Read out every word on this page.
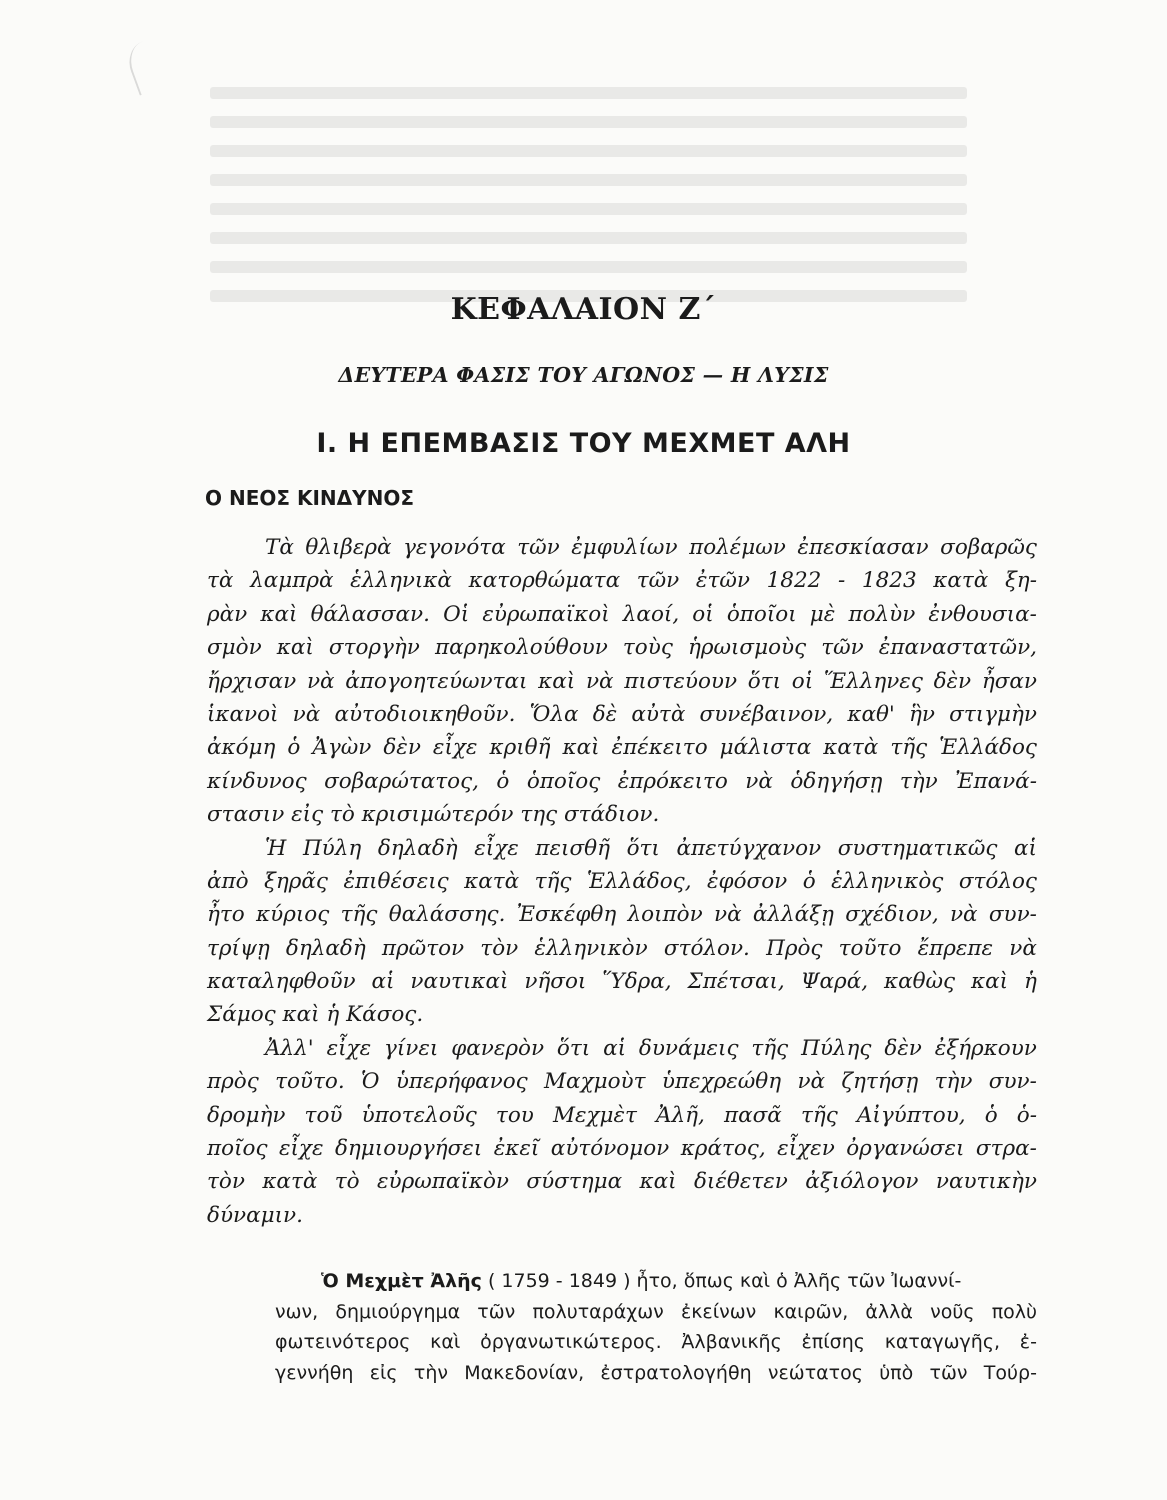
ΚΕΦΑΛΑΙΟΝ Ζ΄
ΔΕΥΤΕΡΑ ΦΑΣΙΣ ΤΟΥ ΑΓΩΝΟΣ — Η ΛΥΣΙΣ
Ι. Η ΕΠΕΜΒΑΣΙΣ ΤΟΥ ΜΕΧΜΕΤ ΑΛΗ
Ο ΝΕΟΣ ΚΙΝΔΥΝΟΣ
Τὰ θλιβερὰ γεγονότα τῶν ἐμφυλίων πολέμων ἐπεσκίασαν σοβαρῶς
τὰ λαμπρὰ ἑλληνικὰ κατορθώματα τῶν ἐτῶν 1822 - 1823 κατὰ ξη-
ρὰν καὶ θάλασσαν. Οἱ εὐρωπαϊκοὶ λαοί, οἱ ὁποῖοι μὲ πολὺν ἐνθουσια-
σμὸν καὶ στοργὴν παρηκολούθουν τοὺς ἡρωισμοὺς τῶν ἐπαναστατῶν,
ἤρχισαν νὰ ἀπογοητεύωνται καὶ νὰ πιστεύουν ὅτι οἱ Ἕλληνες δὲν ἦσαν
ἱκανοὶ νὰ αὐτοδιοικηθοῦν. Ὅλα δὲ αὐτὰ συνέβαινον, καθ' ἣν στιγμὴν
ἀκόμη ὁ Ἀγὼν δὲν εἶχε κριθῆ καὶ ἐπέκειτο μάλιστα κατὰ τῆς Ἑλλάδος
κίνδυνος σοβαρώτατος, ὁ ὁποῖος ἐπρόκειτο νὰ ὁδηγήσῃ τὴν Ἐπανά-
στασιν εἰς τὸ κρισιμώτερόν της στάδιον.
Ἡ Πύλη δηλαδὴ εἶχε πεισθῆ ὅτι ἀπετύγχανον συστηματικῶς αἱ
ἀπὸ ξηρᾶς ἐπιθέσεις κατὰ τῆς Ἑλλάδος, ἐφόσον ὁ ἑλληνικὸς στόλος
ἦτο κύριος τῆς θαλάσσης. Ἐσκέφθη λοιπὸν νὰ ἀλλάξῃ σχέδιον, νὰ συν-
τρίψῃ δηλαδὴ πρῶτον τὸν ἑλληνικὸν στόλον. Πρὸς τοῦτο ἔπρεπε νὰ
καταληφθοῦν αἱ ναυτικαὶ νῆσοι Ὕδρα, Σπέτσαι, Ψαρά, καθὼς καὶ ἡ
Σάμος καὶ ἡ Κάσος.
Ἀλλ' εἶχε γίνει φανερὸν ὅτι αἱ δυνάμεις τῆς Πύλης δὲν ἐξήρκουν
πρὸς τοῦτο. Ὁ ὑπερήφανος Μαχμοὺτ ὑπεχρεώθη νὰ ζητήσῃ τὴν συν-
δρομὴν τοῦ ὑποτελοῦς του Μεχμὲτ Ἀλῆ, πασᾶ τῆς Αἰγύπτου, ὁ ὁ-
ποῖος εἶχε δημιουργήσει ἐκεῖ αὐτόνομον κράτος, εἶχεν ὀργανώσει στρα-
τὸν κατὰ τὸ εὐρωπαϊκὸν σύστημα καὶ διέθετεν ἀξιόλογον ναυτικὴν
δύναμιν.
Ὁ Μεχμὲτ Ἀλῆς ( 1759 - 1849 ) ἦτο, ὅπως καὶ ὁ Ἀλῆς τῶν Ἰωαννί-
νων, δημιούργημα τῶν πολυταράχων ἐκείνων καιρῶν, ἀλλὰ νοῦς πολὺ
φωτεινότερος καὶ ὀργανωτικώτερος. Ἀλβανικῆς ἐπίσης καταγωγῆς, ἐ-
γεννήθη εἰς τὴν Μακεδονίαν, ἐστρατολογήθη νεώτατος ὑπὸ τῶν Τούρ-
